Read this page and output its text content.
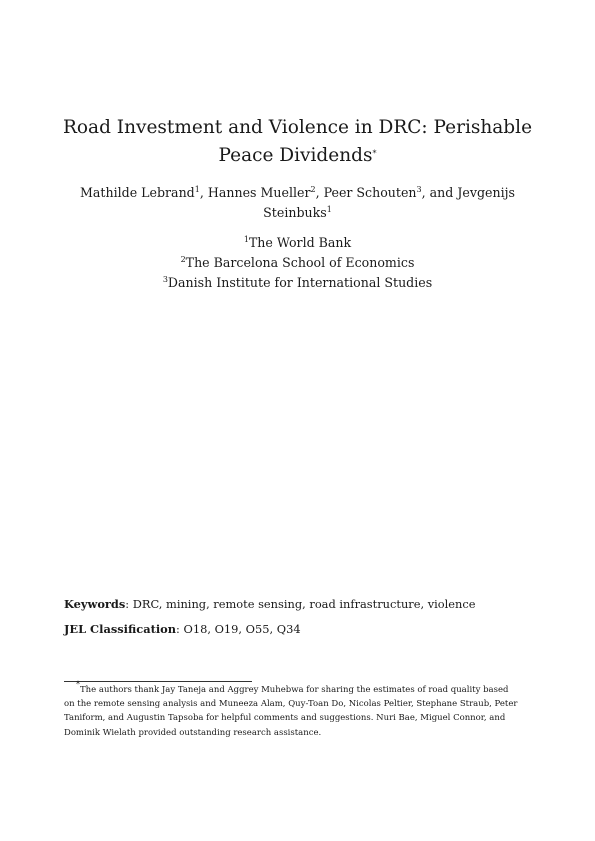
Road Investment and Violence in DRC: Perishable
Peace Dividends*
Mathilde Lebrand$^1$, Hannes Mueller$^2$, Peer Schouten$^3$, and Jevgenijs
Steinbuks$^1$
$^1$The World Bank
$^2$The Barcelona School of Economics
$^3$Danish Institute for International Studies
Keywords: DRC, mining, remote sensing, road infrastructure, violence
JEL Classification: O18, O19, O55, Q34
*The authors thank Jay Taneja and Aggrey Muhebwa for sharing the estimates of road quality based
on the remote sensing analysis and Muneeza Alam, Quy-Toan Do, Nicolas Peltier, Stephane Straub, Peter
Taniform, and Augustin Tapsoba for helpful comments and suggestions. Nuri Bae, Miguel Connor, and
Dominik Wielath provided outstanding research assistance.
